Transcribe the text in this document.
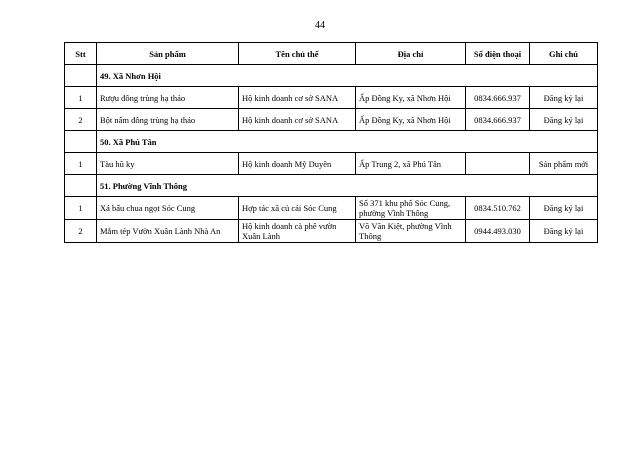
44
Stt	Sản phẩm	Tên chủ thể	Địa chỉ	Số điện thoại	Ghi chú
	49. Xã Nhơn Hội				
1	Rượu đông trùng hạ thảo	Hộ kinh doanh cơ sở SANA	Ấp Đồng Ky, xã Nhơn Hội	0834.666.937	Đăng ký lại
2	Bột nấm đông trùng hạ thảo	Hộ kinh doanh cơ sở SANA	Ấp Đồng Ky, xã Nhơn Hội	0834.666.937	Đăng ký lại
	50. Xã Phú Tân				
1	Tàu hũ ky	Hộ kinh doanh Mỹ Duyên	Ấp Trung 2, xã Phú Tân		Sản phẩm mới
	51. Phường Vĩnh Thông				
1	Xá bấu chua ngọt Sóc Cung	Hợp tác xã củ cải Sóc Cung	Số 371 khu phố Sóc Cung, phường Vĩnh Thông	0834.510.762	Đăng ký lại
2	Mắm tép Vườn Xuân Lành Nhà An	Hộ kinh doanh cà phê vườn Xuân Lành	Võ Văn Kiệt, phường Vĩnh Thông	0944.493.030	Đăng ký lại
